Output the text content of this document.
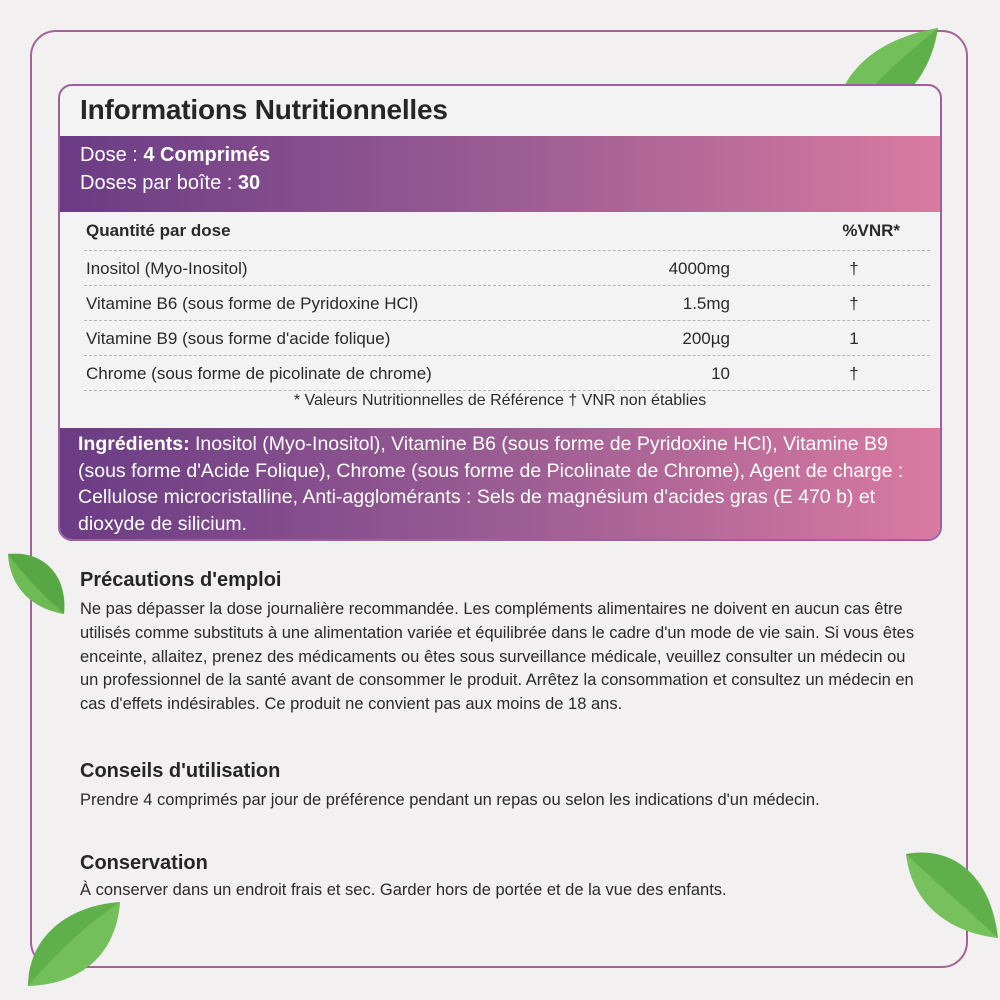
Informations Nutritionnelles
Dose : 4 Comprimés
Doses par boîte : 30
Quantité par dose	%VNR*
Inositol (Myo-Inositol)	4000mg	†
Vitamine B6 (sous forme de Pyridoxine HCl)	1.5mg	†
Vitamine B9 (sous forme d'acide folique)	200µg	1
Chrome (sous forme de picolinate de chrome)	10	†
* Valeurs Nutritionnelles de Référence † VNR non établies
Ingrédients: Inositol (Myo-Inositol), Vitamine B6 (sous forme de Pyridoxine HCl), Vitamine B9 (sous forme d'Acide Folique), Chrome (sous forme de Picolinate de Chrome), Agent de charge : Cellulose microcristalline, Anti-agglomérants : Sels de magnésium d'acides gras (E 470 b) et dioxyde de silicium.
Précautions d'emploi

Ne pas dépasser la dose journalière recommandée. Les compléments alimentaires ne doivent en aucun cas être utilisés comme substituts à une alimentation variée et équilibrée dans le cadre d'un mode de vie sain. Si vous êtes enceinte, allaitez, prenez des médicaments ou êtes sous surveillance médicale, veuillez consulter un médecin ou un professionnel de la santé avant de consommer le produit. Arrêtez la consommation et consultez un médecin en cas d'effets indésirables. Ce produit ne convient pas aux moins de 18 ans.

Conseils d'utilisation

Prendre 4 comprimés par jour de préférence pendant un repas ou selon les indications d'un médecin.

Conservation

À conserver dans un endroit frais et sec. Garder hors de portée et de la vue des enfants.
